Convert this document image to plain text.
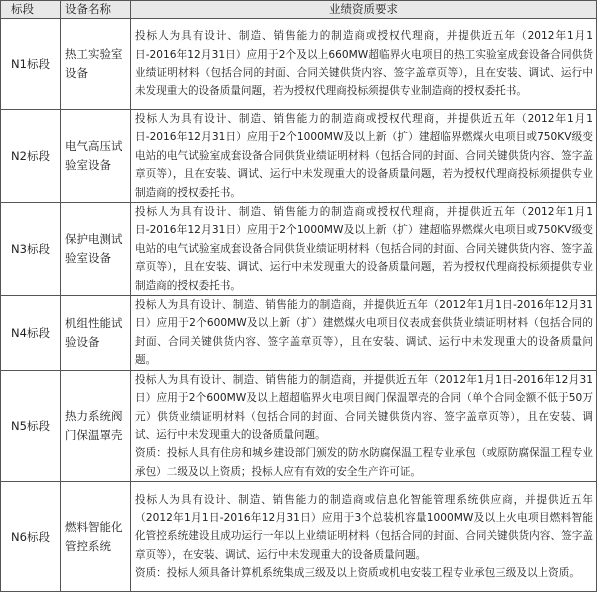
标段	设备名称	业绩资质要求
N1标段	热工实验室设备	投标人为具有设计、制造、销售能力的制造商或授权代理商，并提供近五年（2012年1月1日-2016年12月31日）应用于2个及以上660MW超临界火电项目的热工实验室成套设备合同供货业绩证明材料（包括合同的封面、合同关键供货内容、签字盖章页等），且在安装、调试、运行中未发现重大的设备质量问题，若为授权代理商投标须提供专业制造商的授权委托书。

N2标段	电气高压试验室设备	投标人为具有设计、制造、销售能力的制造商或授权代理商，并提供近五年（2012年1月1日-2016年12月31日）应用于2个1000MW及以上新（扩）建超临界燃煤火电项目或750KV级变电站的电气试验室成套设备合同供货业绩证明材料（包括合同的封面、合同关键供货内容、签字盖章页等），且在安装、调试、运行中未发现重大的设备质量问题，若为授权代理商投标须提供专业制造商的授权委托书。

N3标段	保护电测试验室设备	投标人为具有设计、制造、销售能力的制造商或授权代理商，并提供近五年（2012年1月1日-2016年12月31日）应用于2个1000MW及以上新（扩）建超临界燃煤火电项目或750KV级变电站的电气试验室成套设备合同供货业绩证明材料（包括合同的封面、合同关键供货内容、签字盖章页等），且在安装、调试、运行中未发现重大的设备质量问题，若为授权代理商投标须提供专业制造商的授权委托书。

N4标段	机组性能试验设备	投标人为具有设计、制造、销售能力的制造商，并提供近五年（2012年1月1日-2016年12月31日）应用于2个600MW及以上新（扩）建燃煤火电项目仪表成套供货业绩证明材料（包括合同的封面、合同关键供货内容、签字盖章页等），且在安装、调试、运行中未发现重大的设备质量问题。

N5标段	热力系统阀门保温罩壳	投标人为具有设计、制造、销售能力的制造商，并提供近五年（2012年1月1日-2016年12月31日）应用于2个600MW及以上超超临界火电项目阀门保温罩壳的合同（单个合同金额不低于50万元）供货业绩证明材料（包括合同的封面、合同关键供货内容、签字盖章页等），且在安装、调试、运行中未发现重大的设备质量问题。
资质：投标人具有住房和城乡建设部门颁发的防水防腐保温工程专业承包（或原防腐保温工程专业承包）二级及以上资质；投标人应有有效的安全生产许可证。

N6标段	燃料智能化管控系统	投标人为具有设计、制造、销售能力的制造商或信息化智能管理系统供应商，并提供近五年（2012年1月1日-2016年12月31日）应用于3个总装机容量1000MW及以上火电项目燃料智能化管控系统建设且成功运行一年以上业绩证明材料（包括合同的封面、合同关键供货内容、签字盖章页等），在安装、调试、运行中未发现重大的设备质量问题。
资质：投标人须具备计算机系统集成三级及以上资质或机电安装工程专业承包三级及以上资质。
